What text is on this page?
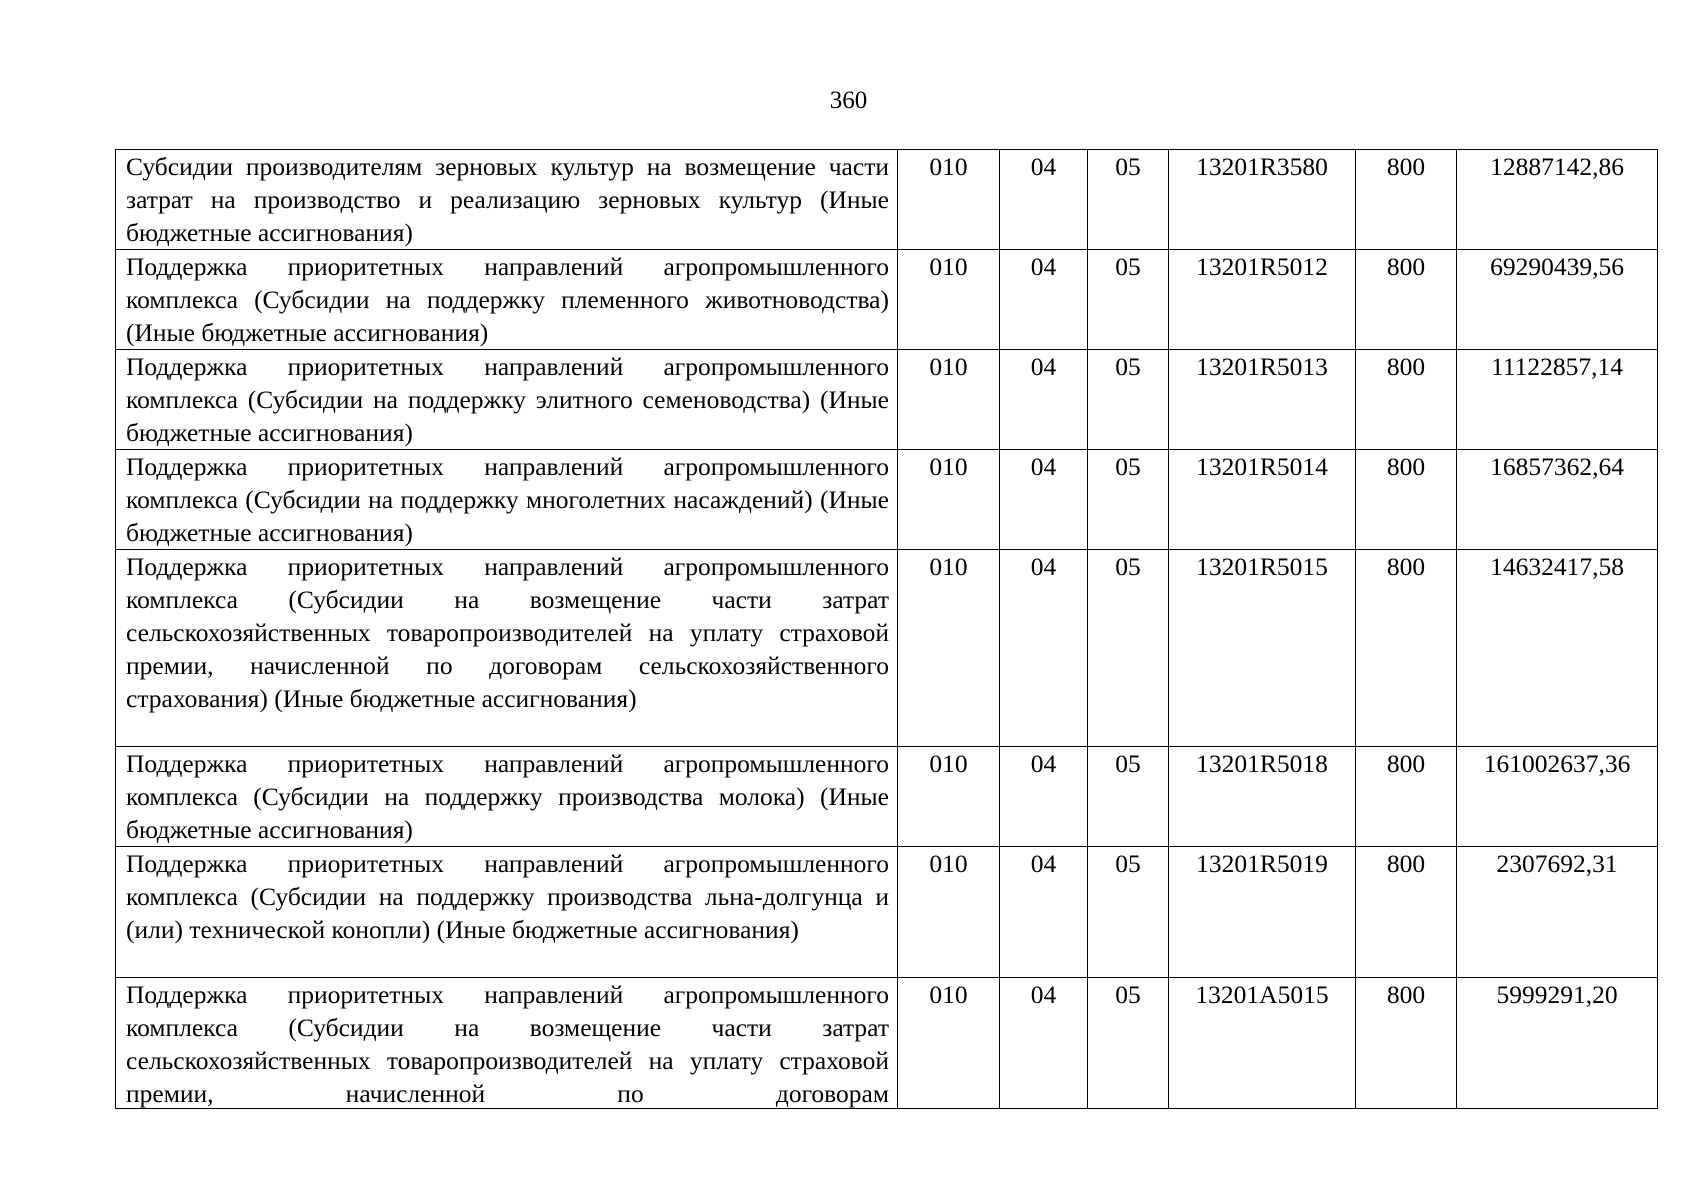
360
Субсидии производителям зерновых культур на возмещение части затрат на производство и реализацию зерновых культур (Иные бюджетные ассигнования)	010	04	05	13201R3580	800	12887142,86

Поддержка приоритетных направлений агропромышленного комплекса (Субсидии на поддержку племенного животноводства) (Иные бюджетные ассигнования)	010	04	05	13201R5012	800	69290439,56

Поддержка приоритетных направлений агропромышленного комплекса (Субсидии на поддержку элитного семеноводства) (Иные бюджетные ассигнования)	010	04	05	13201R5013	800	11122857,14

Поддержка приоритетных направлений агропромышленного комплекса (Субсидии на поддержку многолетних насаждений) (Иные бюджетные ассигнования)	010	04	05	13201R5014	800	16857362,64

Поддержка приоритетных направлений агропромышленного комплекса (Субсидии на возмещение части затрат сельскохозяйственных товаропроизводителей на уплату страховой премии, начисленной по договорам сельскохозяйственного страхования) (Иные бюджетные ассигнования)	010	04	05	13201R5015	800	14632417,58

Поддержка приоритетных направлений агропромышленного комплекса (Субсидии на поддержку производства молока) (Иные бюджетные ассигнования)	010	04	05	13201R5018	800	161002637,36

Поддержка приоритетных направлений агропромышленного комплекса (Субсидии на поддержку производства льна-долгунца и (или) технической конопли) (Иные бюджетные ассигнования)	010	04	05	13201R5019	800	2307692,31

Поддержка приоритетных направлений агропромышленного комплекса (Субсидии на возмещение части затрат сельскохозяйственных товаропроизводителей на уплату страховой премии, начисленной по договорам	010	04	05	13201A5015	800	5999291,20
